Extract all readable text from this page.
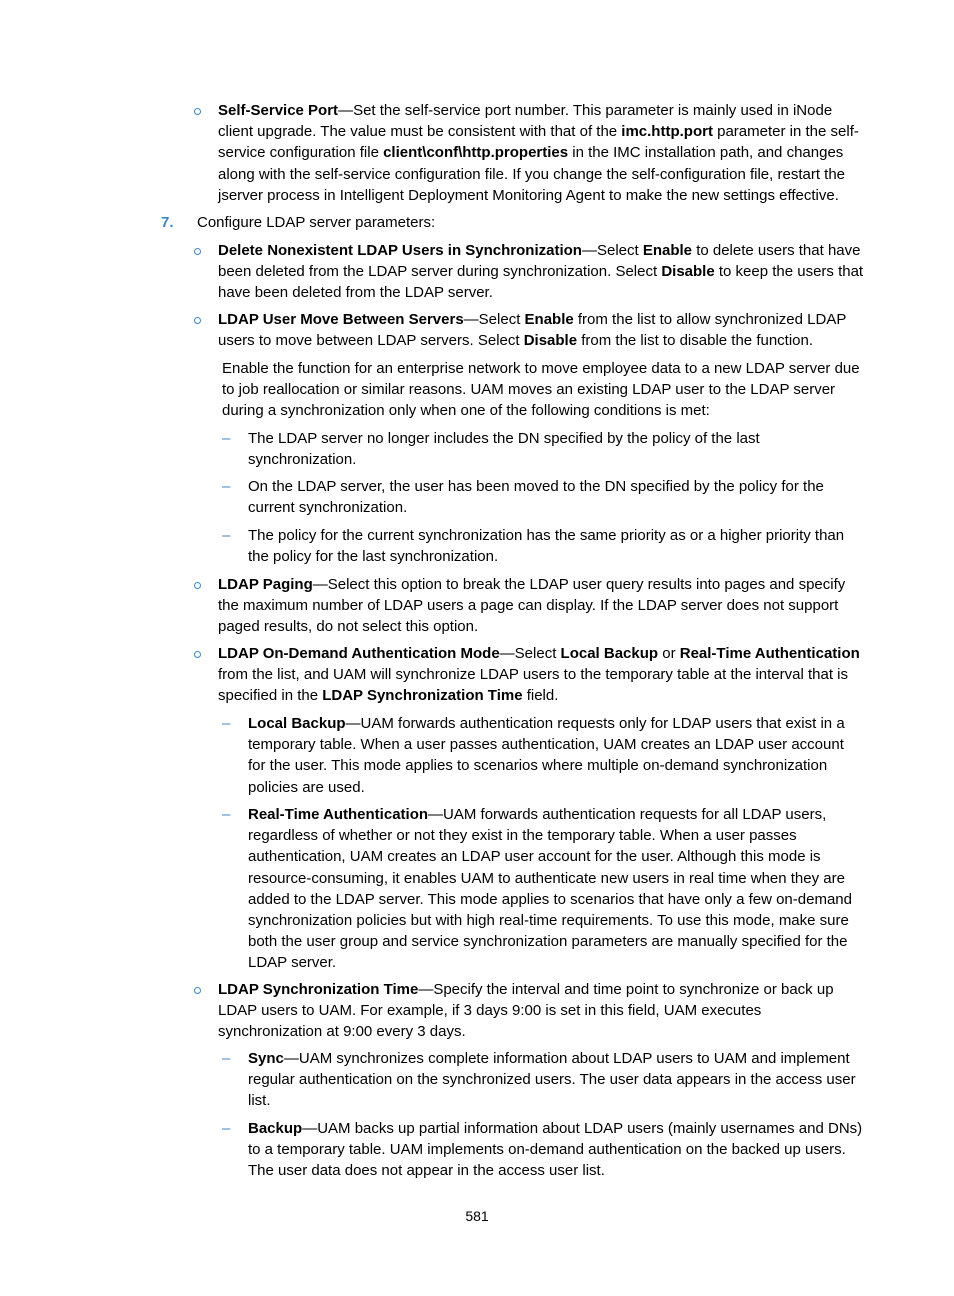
Self-Service Port—Set the self-service port number. This parameter is mainly used in iNode client upgrade. The value must be consistent with that of the imc.http.port parameter in the self-service configuration file client\conf\http.properties in the IMC installation path, and changes along with the self-service configuration file. If you change the self-configuration file, restart the jserver process in Intelligent Deployment Monitoring Agent to make the new settings effective.
7. Configure LDAP server parameters:
Delete Nonexistent LDAP Users in Synchronization—Select Enable to delete users that have been deleted from the LDAP server during synchronization. Select Disable to keep the users that have been deleted from the LDAP server.
LDAP User Move Between Servers—Select Enable from the list to allow synchronized LDAP users to move between LDAP servers. Select Disable from the list to disable the function.
Enable the function for an enterprise network to move employee data to a new LDAP server due to job reallocation or similar reasons. UAM moves an existing LDAP user to the LDAP server during a synchronization only when one of the following conditions is met:
– The LDAP server no longer includes the DN specified by the policy of the last synchronization.
– On the LDAP server, the user has been moved to the DN specified by the policy for the current synchronization.
– The policy for the current synchronization has the same priority as or a higher priority than the policy for the last synchronization.
LDAP Paging—Select this option to break the LDAP user query results into pages and specify the maximum number of LDAP users a page can display. If the LDAP server does not support paged results, do not select this option.
LDAP On-Demand Authentication Mode—Select Local Backup or Real-Time Authentication from the list, and UAM will synchronize LDAP users to the temporary table at the interval that is specified in the LDAP Synchronization Time field.
– Local Backup—UAM forwards authentication requests only for LDAP users that exist in a temporary table. When a user passes authentication, UAM creates an LDAP user account for the user. This mode applies to scenarios where multiple on-demand synchronization policies are used.
– Real-Time Authentication—UAM forwards authentication requests for all LDAP users, regardless of whether or not they exist in the temporary table. When a user passes authentication, UAM creates an LDAP user account for the user. Although this mode is resource-consuming, it enables UAM to authenticate new users in real time when they are added to the LDAP server. This mode applies to scenarios that have only a few on-demand synchronization policies but with high real-time requirements. To use this mode, make sure both the user group and service synchronization parameters are manually specified for the LDAP server.
LDAP Synchronization Time—Specify the interval and time point to synchronize or back up LDAP users to UAM. For example, if 3 days 9:00 is set in this field, UAM executes synchronization at 9:00 every 3 days.
– Sync—UAM synchronizes complete information about LDAP users to UAM and implement regular authentication on the synchronized users. The user data appears in the access user list.
– Backup—UAM backs up partial information about LDAP users (mainly usernames and DNs) to a temporary table. UAM implements on-demand authentication on the backed up users. The user data does not appear in the access user list.
581
